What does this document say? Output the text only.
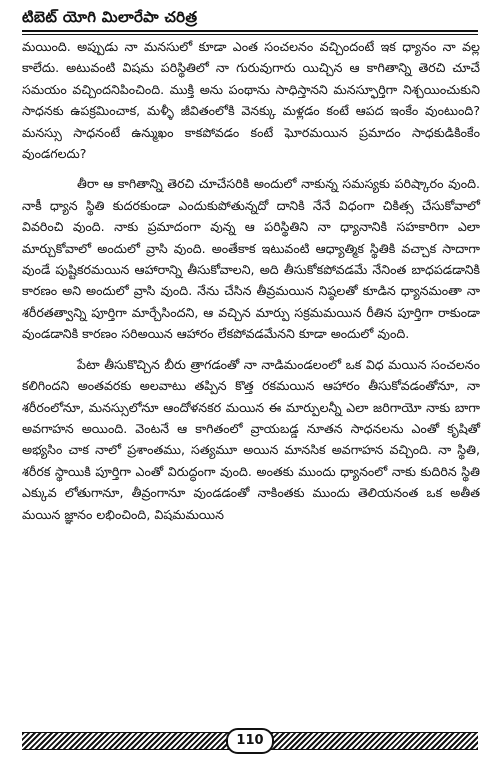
టిబెట్ యోగి మిలారేపా చరిత్ర

మయింది. అప్పుడు నా మనసులో కూడా ఎంత సంచలనం వచ్చిందంటే ఇక ధ్యానం నా వల్ల కాలేదు. అటువంటి విషమ పరిస్థితిలో నా గురువుగారు యిచ్చిన ఆ కాగితాన్ని తెరచి చూచే సమయం వచ్చిందనిపించింది. ముక్తి అను పంథాను సాధిస్తానని మనస్ఫూర్తిగా నిశ్చయించుకుని సాధనకు ఉపక్రమించాక, మళ్ళీ జీవితంలోకి వెనక్కు మళ్లడం కంటే ఆపద ఇంకేం వుంటుంది? మనస్సు సాధనంటే ఉన్ముఖం కాకపోవడం కంటే ఘోరమయిన ప్రమాదం సాధకుడికింకేం వుండగలదు?

తీరా ఆ కాగితాన్ని తెరచి చూచేసరికి అందులో నాకున్న సమస్యకు పరిష్కారం వుంది. నాకీ ధ్యాన స్థితి కుదరకుండా ఎందుకుపోతున్నదో దానికి నేనే విధంగా చికిత్స చేసుకోవాలో వివరించి వుంది. నాకు ప్రమాదంగా వున్న ఆ పరిస్థితిని నా ధ్యానానికి సహకారిగా ఎలా మార్చుకోవాలో అందులో వ్రాసి వుంది. అంతేకాక ఇటువంటి ఆధ్యాత్మిక స్థితికి వచ్చాక సాదాగా వుండే పుష్టికరమయిన ఆహారాన్ని తీసుకోవాలని, అది తీసుకోకపోవడమే నేనింత బాధపడడానికి కారణం అని అందులో వ్రాసి వుంది. నేను చేసిన తీవ్రమయిన నిష్ఠలతో కూడిన ధ్యానమంతా నా శరీరతత్వాన్ని పూర్తిగా మార్చేసిందని, ఆ వచ్చిన మార్పు సక్రమమయిన రీతిన పూర్తిగా రాకుండా వుండడానికి కారణం సరిఅయిన ఆహారం లేకపోవడమేనని కూడా అందులో వుంది.

పేటా తీసుకొచ్చిన బీరు త్రాగడంతో నా నాడిమండలంలో ఒక విధ మయిన సంచలనం కలిగిందని అంతవరకు అలవాటు తప్పిన కొత్త రకమయిన ఆహారం తీసుకోవడంతోనూ, నా శరీరంలోనూ, మనస్సులోనూ ఆందోళనకర మయిన ఈ మార్పులన్నీ ఎలా జరిగాయో నాకు బాగా అవగాహన అయింది. వెంటనే ఆ కాగితంలో వ్రాయబడ్డ నూతన సాధనలను ఎంతో కృషితో అభ్యసిం చాక నాలో ప్రశాంతము, సత్యమూ అయిన మానసిక అవగాహన వచ్చింది. నా స్థితి, శరీరక స్థాయికి పూర్తిగా ఎంతో విరుద్ధంగా వుంది. అంతకు ముందు ధ్యానంలో నాకు కుదిరిన స్థితి ఎక్కువ లోతుగానూ, తీవ్రంగానూ వుండడంతో నాకింతకు ముందు తెలియనంత ఒక అతీత మయిన జ్ఞానం లభించింది, విషమమయిన

110
